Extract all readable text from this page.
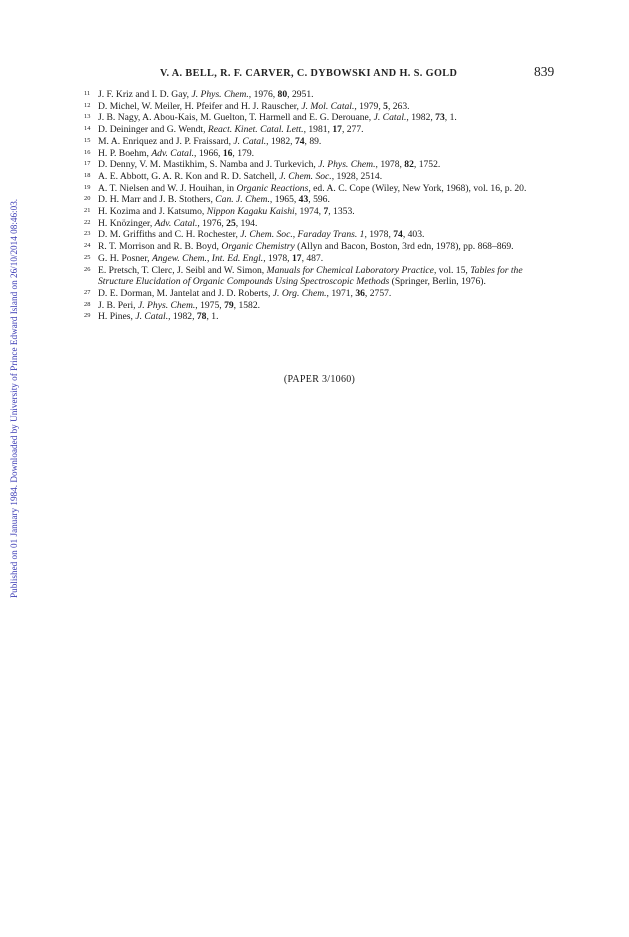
Published on 01 January 1984. Downloaded by University of Prince Edward Island on 26/10/2014 08:46:03.
V. A. BELL, R. F. CARVER, C. DYBOWSKI AND H. S. GOLD	839

11 J. F. Kriz and I. D. Gay, J. Phys. Chem., 1976, 80, 2951.

12 D. Michel, W. Meiler, H. Pfeifer and H. J. Rauscher, J. Mol. Catal., 1979, 5, 263.

13 J. B. Nagy, A. Abou-Kais, M. Guelton, T. Harmell and E. G. Derouane, J. Catal., 1982, 73, 1.

14 D. Deininger and G. Wendt, React. Kinet. Catal. Lett., 1981, 17, 277.

15 M. A. Enriquez and J. P. Fraissard, J. Catal., 1982, 74, 89.

16 H. P. Boehm, Adv. Catal., 1966, 16, 179.

17 D. Denny, V. M. Mastikhim, S. Namba and J. Turkevich, J. Phys. Chem., 1978, 82, 1752.

18 A. E. Abbott, G. A. R. Kon and R. D. Satchell, J. Chem. Soc., 1928, 2514.

19 A. T. Nielsen and W. J. Houihan, in Organic Reactions, ed. A. C. Cope (Wiley, New York, 1968), vol. 16, p. 20.

20 D. H. Marr and J. B. Stothers, Can. J. Chem., 1965, 43, 596.

21 H. Kozima and J. Katsumo, Nippon Kagaku Kaishi, 1974, 7, 1353.

22 H. Knözinger, Adv. Catal., 1976, 25, 194.

23 D. M. Griffiths and C. H. Rochester, J. Chem. Soc., Faraday Trans. 1, 1978, 74, 403.

24 R. T. Morrison and R. B. Boyd, Organic Chemistry (Allyn and Bacon, Boston, 3rd edn, 1978), pp. 868–869.

25 G. H. Posner, Angew. Chem., Int. Ed. Engl., 1978, 17, 487.

26 E. Pretsch, T. Clerc, J. Seibl and W. Simon, Manuals for Chemical Laboratory Practice, vol. 15, Tables for the Structure Elucidation of Organic Compounds Using Spectroscopic Methods (Springer, Berlin, 1976).

27 D. E. Dorman, M. Jantelat and J. D. Roberts, J. Org. Chem., 1971, 36, 2757.

28 J. B. Peri, J. Phys. Chem., 1975, 79, 1582.

29 H. Pines, J. Catal., 1982, 78, 1.

(PAPER 3/1060)
